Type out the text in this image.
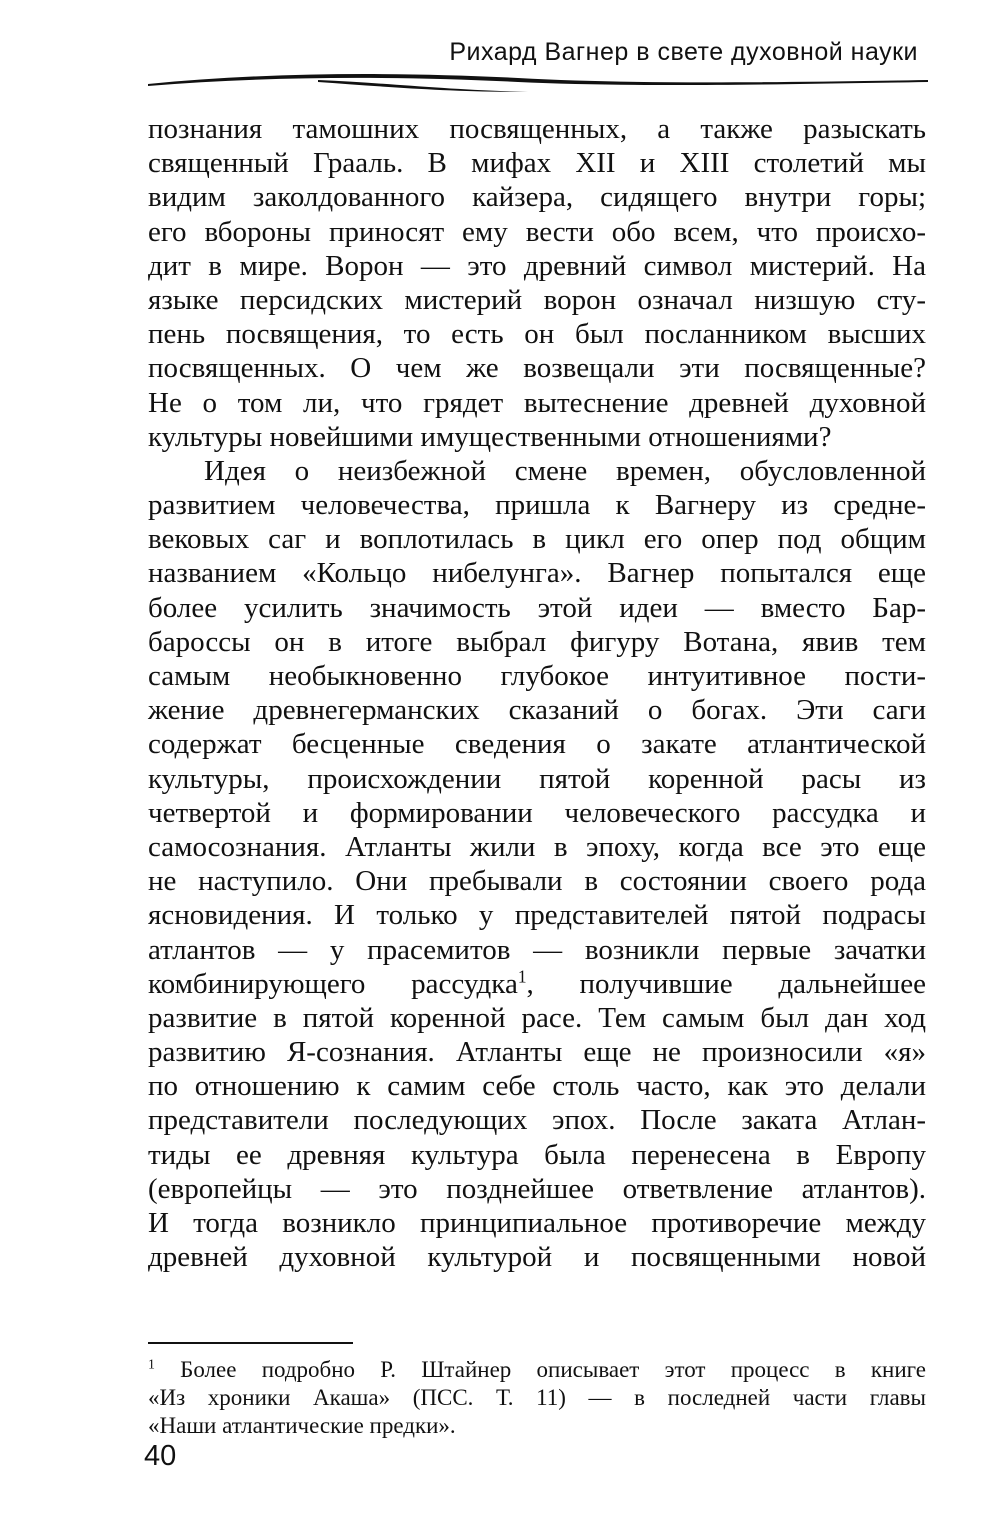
Рихард Вагнер в свете духовной науки
познания тамошних посвященных, а также разыскать
священный Грааль. В мифах XII и XIII столетий мы
видим заколдованного кайзера, сидящего внутри горы;
его вбороны приносят ему вести обо всем, что происхо-
дит в мире. Ворон — это древний символ мистерий. На
языке персидских мистерий ворон означал низшую сту-
пень посвящения, то есть он был посланником высших
посвященных. О чем же возвещали эти посвященные?
Не о том ли, что грядет вытеснение древней духовной
культуры новейшими имущественными отношениями?
Идея о неизбежной смене времен, обусловленной
развитием человечества, пришла к Вагнеру из средне-
вековых саг и воплотилась в цикл его опер под общим
названием «Кольцо нибелунга». Вагнер попытался еще
более усилить значимость этой идеи — вместо Бар-
бароссы он в итоге выбрал фигуру Вотана, явив тем
самым необыкновенно глубокое интуитивное пости-
жение древнегерманских сказаний о богах. Эти саги
содержат бесценные сведения о закате атлантической
культуры, происхождении пятой коренной расы из
четвертой и формировании человеческого рассудка и
самосознания. Атланты жили в эпоху, когда все это еще
не наступило. Они пребывали в состоянии своего рода
ясновидения. И только у представителей пятой подрасы
атлантов — у прасемитов — возникли первые зачатки
комбинирующего рассудка$^1$, получившие дальнейшее
развитие в пятой коренной расе. Тем самым был дан ход
развитию Я-сознания. Атланты еще не произносили «я»
по отношению к самим себе столь часто, как это делали
представители последующих эпох. После заката Атлан-
тиды ее древняя культура была перенесена в Европу
(европейцы — это позднейшее ответвление атлантов).
И тогда возникло принципиальное противоречие между
древней духовной культурой и посвященными новой
$^1$ Более подробно Р. Штайнер описывает этот процесс в книге
«Из хроники Акаша» (ПСС. Т. 11) — в последней части главы
«Наши атлантические предки».
40
